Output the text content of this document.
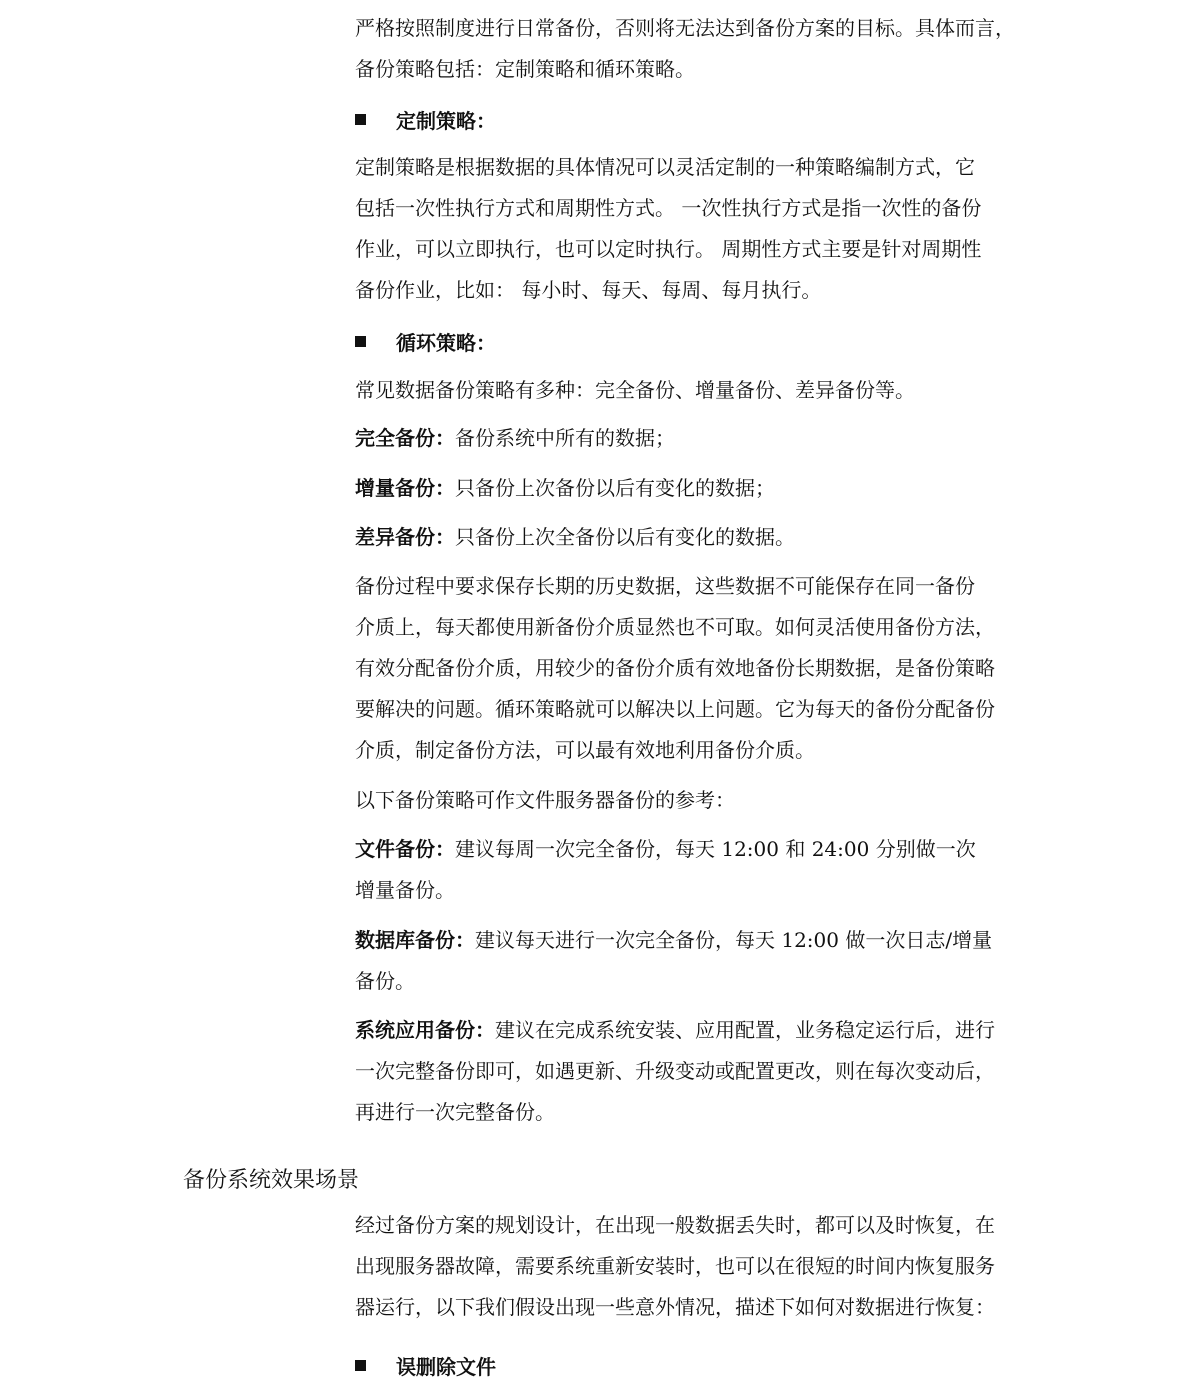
严格按照制度进行日常备份，否则将无法达到备份方案的目标。具体而言，

备份策略包括：定制策略和循环策略。

定制策略：

定制策略是根据数据的具体情况可以灵活定制的一种策略编制方式，它

包括一次性执行方式和周期性方式。 一次性执行方式是指一次性的备份

作业，可以立即执行，也可以定时执行。 周期性方式主要是针对周期性

备份作业，比如： 每小时、每天、每周、每月执行。

循环策略：

常见数据备份策略有多种：完全备份、增量备份、差异备份等。

完全备份：备份系统中所有的数据；

增量备份：只备份上次备份以后有变化的数据；

差异备份：只备份上次全备份以后有变化的数据。

备份过程中要求保存长期的历史数据，这些数据不可能保存在同一备份

介质上，每天都使用新备份介质显然也不可取。如何灵活使用备份方法，

有效分配备份介质，用较少的备份介质有效地备份长期数据，是备份策略

要解决的问题。循环策略就可以解决以上问题。它为每天的备份分配备份

介质，制定备份方法，可以最有效地利用备份介质。

以下备份策略可作文件服务器备份的参考：

文件备份：建议每周一次完全备份，每天 12:00 和 24:00 分别做一次

增量备份。

数据库备份：建议每天进行一次完全备份，每天 12:00 做一次日志/增量

备份。

系统应用备份：建议在完成系统安装、应用配置，业务稳定运行后，进行

一次完整备份即可，如遇更新、升级变动或配置更改，则在每次变动后，

再进行一次完整备份。

备份系统效果场景

经过备份方案的规划设计，在出现一般数据丢失时，都可以及时恢复，在

出现服务器故障，需要系统重新安装时，也可以在很短的时间内恢复服务

器运行，以下我们假设出现一些意外情况，描述下如何对数据进行恢复：

误删除文件
